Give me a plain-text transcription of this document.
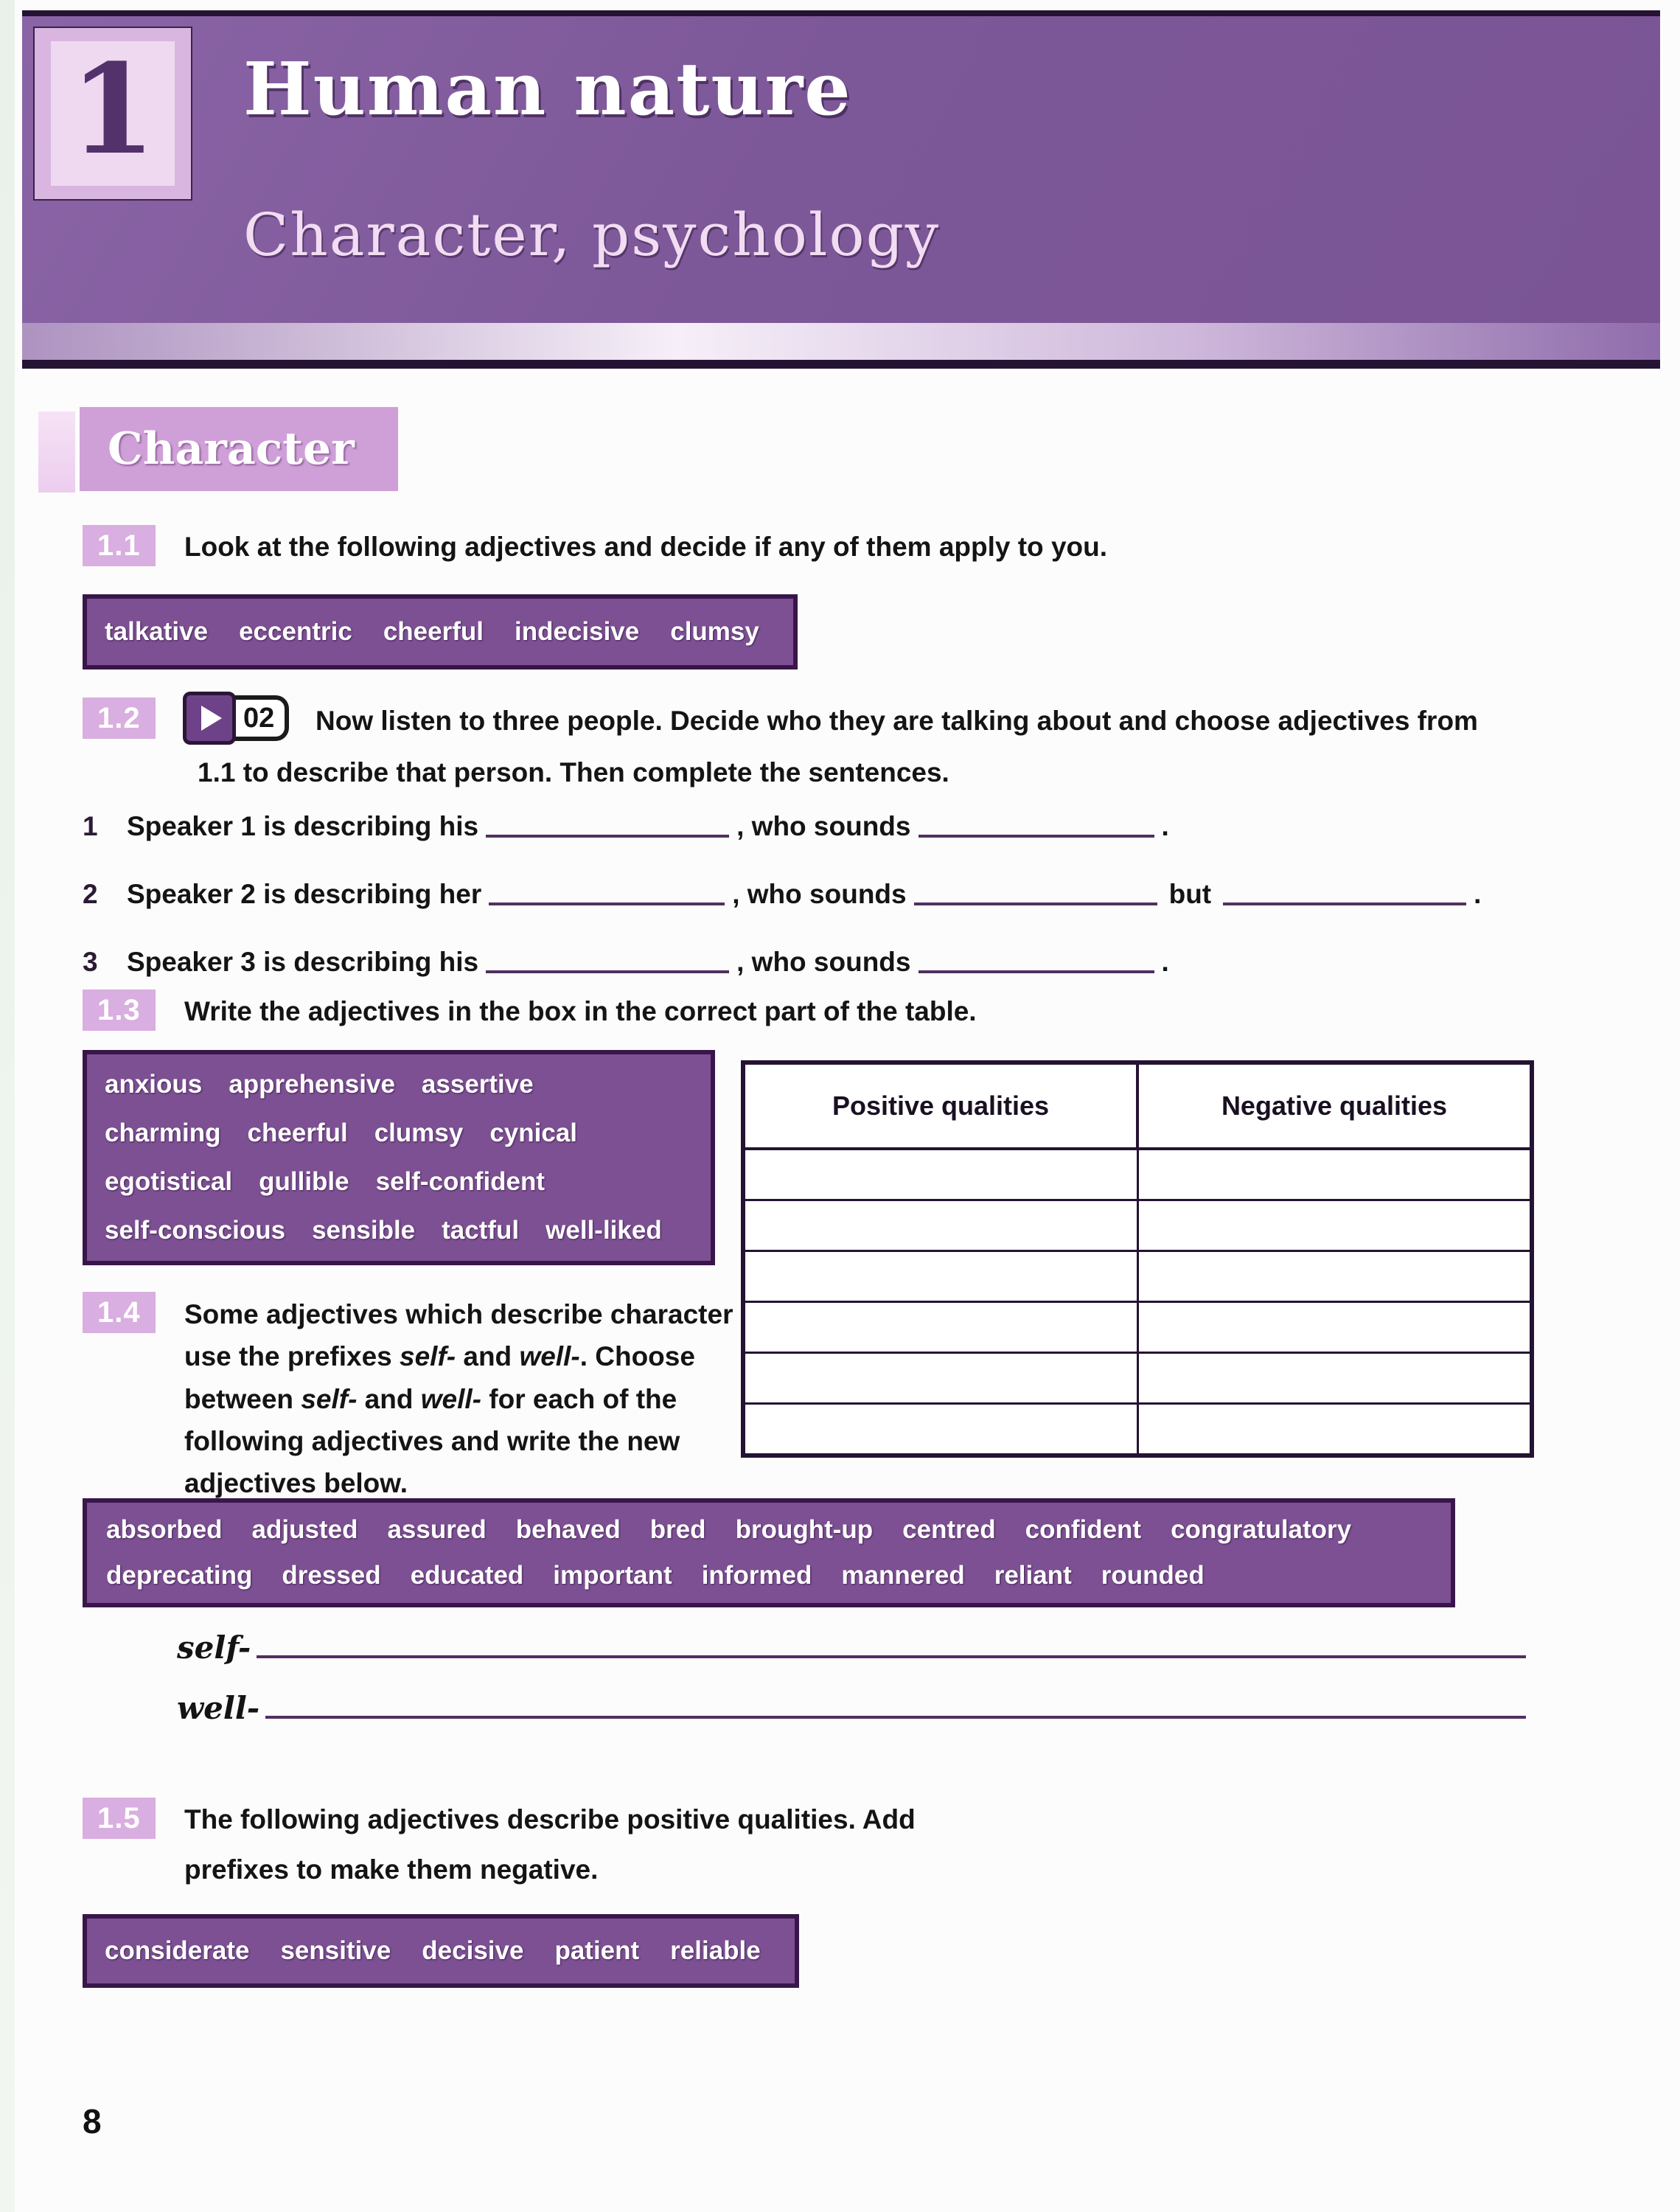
1 Human nature
Character, psychology
Character
1.1	Look at the following adjectives and decide if any of them apply to you.
talkative eccentric cheerful indecisive clumsy
1.2	02	Now listen to three people. Decide who they are talking about and choose adjectives from
1.1 to describe that person. Then complete the sentences.
1	Speaker 1 is describing his	, who sounds	.
2	Speaker 2 is describing her	, who sounds	but	.
3	Speaker 3 is describing his	, who sounds	.
1.3	Write the adjectives in the box in the correct part of the table.
anxious apprehensive assertive
charming cheerful clumsy cynical
egotistical gullible self-confident
self-conscious sensible tactful well-liked
Positive qualities	Negative qualities

1.4	Some adjectives which describe character use the prefixes self- and well-. Choose between self- and well- for each of the following adjectives and write the new adjectives below.
absorbed adjusted assured behaved bred brought-up centred confident congratulatory
deprecating dressed educated important informed mannered reliant rounded
self-
well-
1.5	The following adjectives describe positive qualities. Add
prefixes to make them negative.
considerate sensitive decisive patient reliable
8
